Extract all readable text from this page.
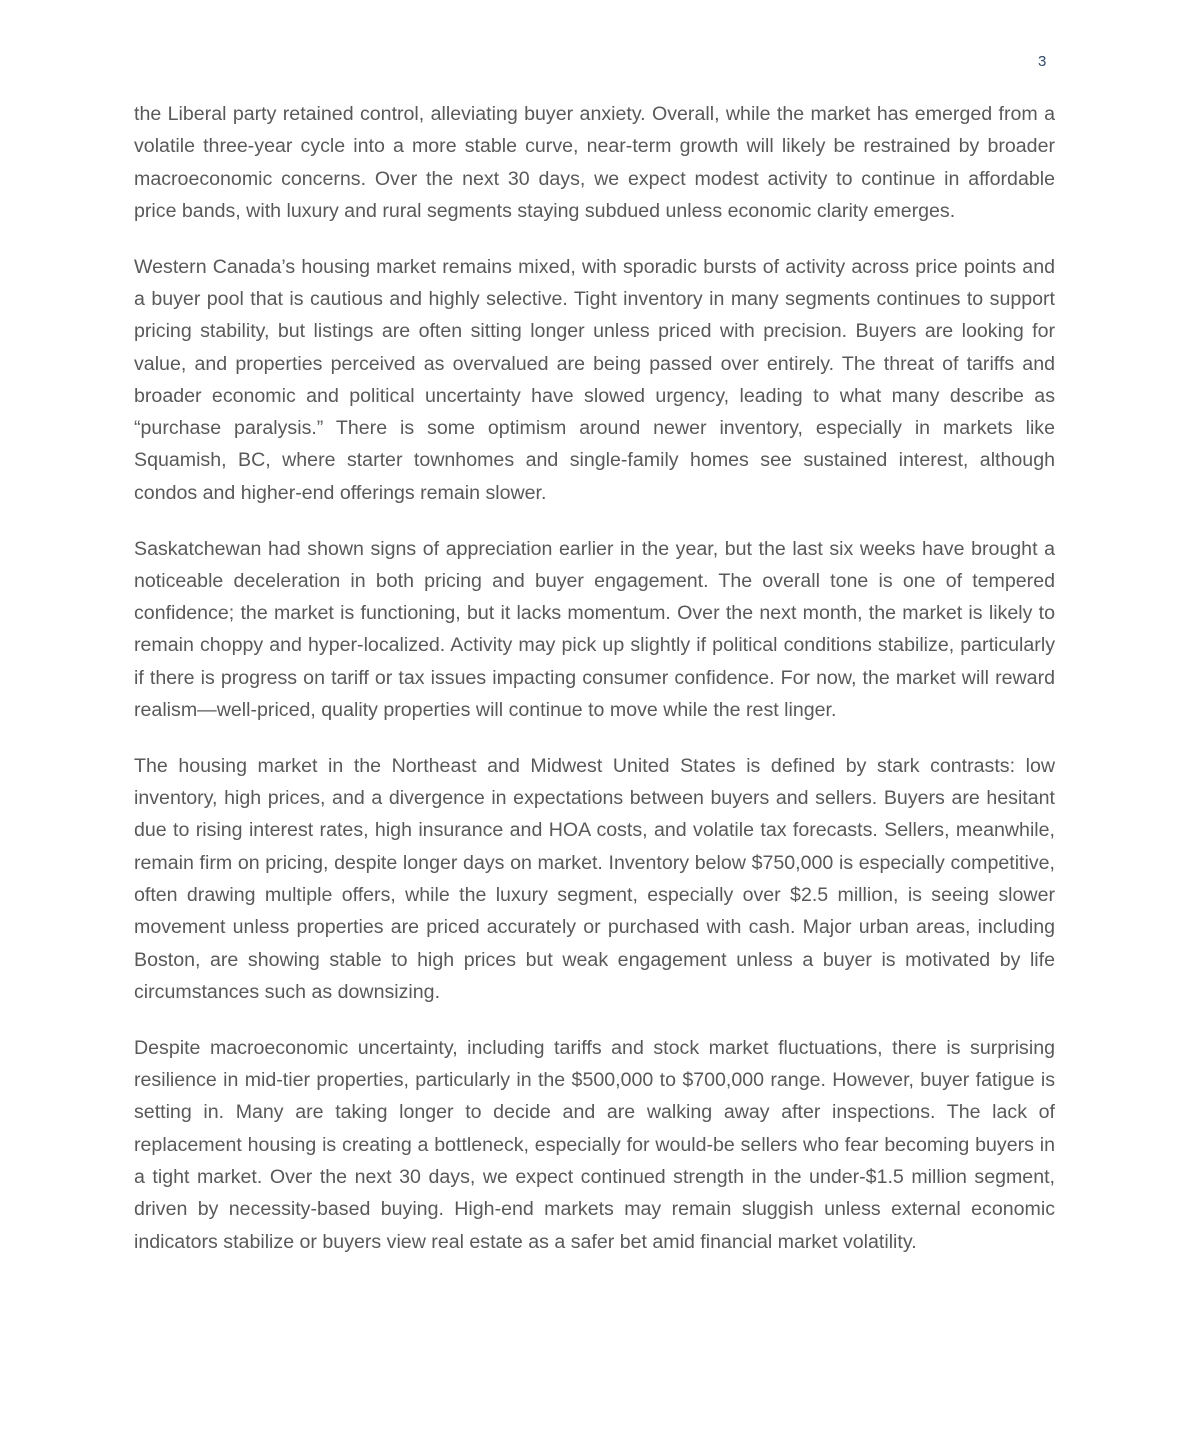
3

the Liberal party retained control, alleviating buyer anxiety. Overall, while the market has emerged from a volatile three-year cycle into a more stable curve, near-term growth will likely be restrained by broader macroeconomic concerns. Over the next 30 days, we expect modest activity to continue in affordable price bands, with luxury and rural segments staying subdued unless economic clarity emerges.

Western Canada’s housing market remains mixed, with sporadic bursts of activity across price points and a buyer pool that is cautious and highly selective. Tight inventory in many segments continues to support pricing stability, but listings are often sitting longer unless priced with precision. Buyers are looking for value, and properties perceived as overvalued are being passed over entirely. The threat of tariffs and broader economic and political uncertainty have slowed urgency, leading to what many describe as “purchase paralysis.” There is some optimism around newer inventory, especially in markets like Squamish, BC, where starter townhomes and single-family homes see sustained interest, although condos and higher-end offerings remain slower.

Saskatchewan had shown signs of appreciation earlier in the year, but the last six weeks have brought a noticeable deceleration in both pricing and buyer engagement. The overall tone is one of tempered confidence; the market is functioning, but it lacks momentum. Over the next month, the market is likely to remain choppy and hyper-localized. Activity may pick up slightly if political conditions stabilize, particularly if there is progress on tariff or tax issues impacting consumer confidence. For now, the market will reward realism—well-priced, quality properties will continue to move while the rest linger.

The housing market in the Northeast and Midwest United States is defined by stark contrasts: low inventory, high prices, and a divergence in expectations between buyers and sellers. Buyers are hesitant due to rising interest rates, high insurance and HOA costs, and volatile tax forecasts. Sellers, meanwhile, remain firm on pricing, despite longer days on market. Inventory below $750,000 is especially competitive, often drawing multiple offers, while the luxury segment, especially over $2.5 million, is seeing slower movement unless properties are priced accurately or purchased with cash. Major urban areas, including Boston, are showing stable to high prices but weak engagement unless a buyer is motivated by life circumstances such as downsizing.

Despite macroeconomic uncertainty, including tariffs and stock market fluctuations, there is surprising resilience in mid-tier properties, particularly in the $500,000 to $700,000 range. However, buyer fatigue is setting in. Many are taking longer to decide and are walking away after inspections. The lack of replacement housing is creating a bottleneck, especially for would-be sellers who fear becoming buyers in a tight market. Over the next 30 days, we expect continued strength in the under-$1.5 million segment, driven by necessity-based buying. High-end markets may remain sluggish unless external economic indicators stabilize or buyers view real estate as a safer bet amid financial market volatility.
